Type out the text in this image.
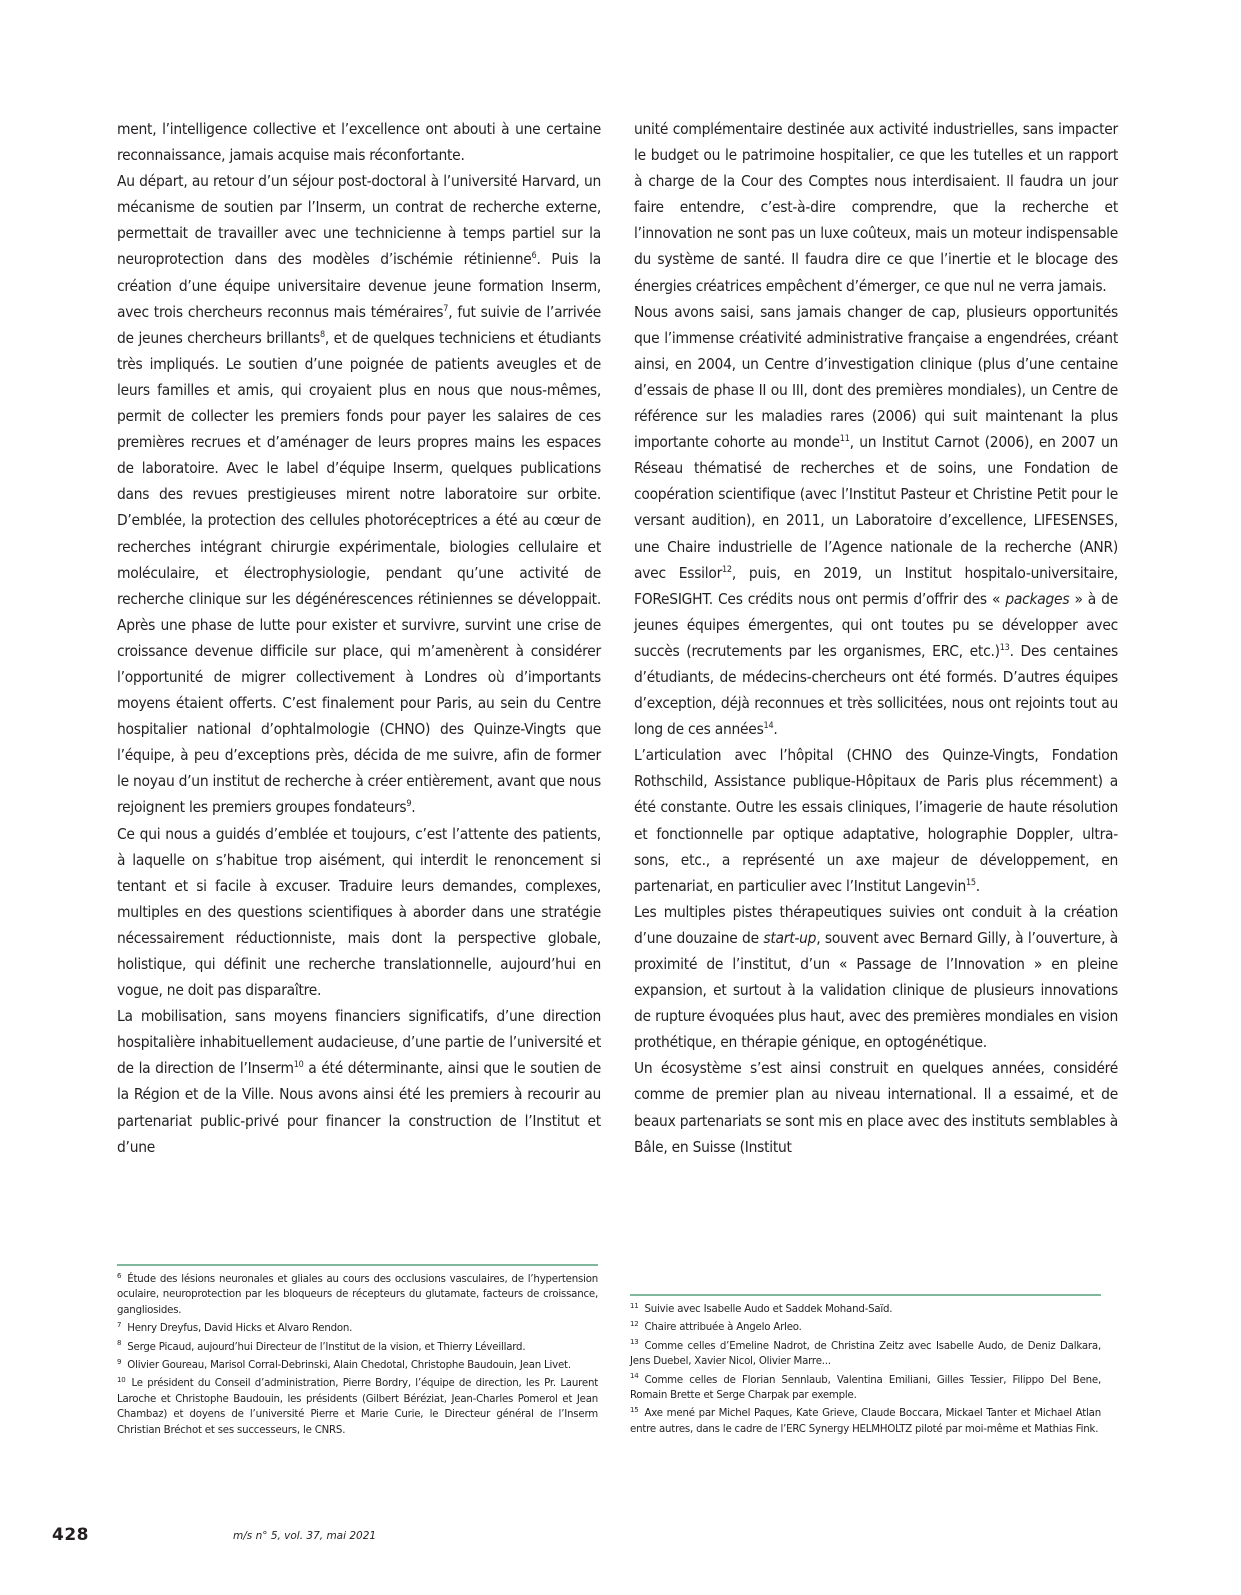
ment, l’intelligence collective et l’excellence ont abouti à une certaine reconnaissance, jamais acquise mais réconfortante.

Au départ, au retour d’un séjour post-doctoral à l’université Harvard, un mécanisme de soutien par l’Inserm, un contrat de recherche externe, permettait de travailler avec une technicienne à temps partiel sur la neuroprotection dans des modèles d’ischémie rétinienne$^6$. Puis la création d’une équipe universitaire devenue jeune formation Inserm, avec trois chercheurs reconnus mais téméraires$^7$, fut suivie de l’arrivée de jeunes chercheurs brillants$^8$, et de quelques techniciens et étudiants très impliqués. Le soutien d’une poignée de patients aveugles et de leurs familles et amis, qui croyaient plus en nous que nous-mêmes, permit de collecter les premiers fonds pour payer les salaires de ces premières recrues et d’aménager de leurs propres mains les espaces de laboratoire. Avec le label d’équipe Inserm, quelques publications dans des revues prestigieuses mirent notre laboratoire sur orbite. D’emblée, la protection des cellules photoréceptrices a été au cœur de recherches intégrant chirurgie expérimentale, biologies cellulaire et moléculaire, et électrophysiologie, pendant qu’une activité de recherche clinique sur les dégénérescences rétiniennes se développait. Après une phase de lutte pour exister et survivre, survint une crise de croissance devenue difficile sur place, qui m’amenèrent à considérer l’opportunité de migrer collectivement à Londres où d’importants moyens étaient offerts. C’est finalement pour Paris, au sein du Centre hospitalier national d’ophtalmologie (CHNO) des Quinze-Vingts que l’équipe, à peu d’exceptions près, décida de me suivre, afin de former le noyau d’un institut de recherche à créer entièrement, avant que nous rejoignent les premiers groupes fondateurs$^9$.

Ce qui nous a guidés d’emblée et toujours, c’est l’attente des patients, à laquelle on s’habitue trop aisément, qui interdit le renoncement si tentant et si facile à excuser. Traduire leurs demandes, complexes, multiples en des questions scientifiques à aborder dans une stratégie nécessairement réductionniste, mais dont la perspective globale, holistique, qui définit une recherche translationnelle, aujourd’hui en vogue, ne doit pas disparaître.

La mobilisation, sans moyens financiers significatifs, d’une direction hospitalière inhabituellement audacieuse, d’une partie de l’université et de la direction de l’Inserm$^{10}$ a été déterminante, ainsi que le soutien de la Région et de la Ville. Nous avons ainsi été les premiers à recourir au partenariat public-privé pour financer la construction de l’Institut et d’une

unité complémentaire destinée aux activité industrielles, sans impacter le budget ou le patrimoine hospitalier, ce que les tutelles et un rapport à charge de la Cour des Comptes nous interdisaient. Il faudra un jour faire entendre, c’est-à-dire comprendre, que la recherche et l’innovation ne sont pas un luxe coûteux, mais un moteur indispensable du système de santé. Il faudra dire ce que l’inertie et le blocage des énergies créatrices empêchent d’émerger, ce que nul ne verra jamais.

Nous avons saisi, sans jamais changer de cap, plusieurs opportunités que l’immense créativité administrative française a engendrées, créant ainsi, en 2004, un Centre d’investigation clinique (plus d’une centaine d’essais de phase II ou III, dont des premières mondiales), un Centre de référence sur les maladies rares (2006) qui suit maintenant la plus importante cohorte au monde$^{11}$, un Institut Carnot (2006), en 2007 un Réseau thématisé de recherches et de soins, une Fondation de coopération scientifique (avec l’Institut Pasteur et Christine Petit pour le versant audition), en 2011, un Laboratoire d’excellence, LIFESENSES, une Chaire industrielle de l’Agence nationale de la recherche (ANR) avec Essilor$^{12}$, puis, en 2019, un Institut hospitalo-universitaire, FOReSIGHT. Ces crédits nous ont permis d’offrir des « packages » à de jeunes équipes émergentes, qui ont toutes pu se développer avec succès (recrutements par les organismes, ERC, etc.)$^{13}$. Des centaines d’étudiants, de médecins-chercheurs ont été formés. D’autres équipes d’exception, déjà reconnues et très sollicitées, nous ont rejoints tout au long de ces années$^{14}$.

L’articulation avec l’hôpital (CHNO des Quinze-Vingts, Fondation Rothschild, Assistance publique-Hôpitaux de Paris plus récemment) a été constante. Outre les essais cliniques, l’imagerie de haute résolution et fonctionnelle par optique adaptative, holographie Doppler, ultra-sons, etc., a représenté un axe majeur de développement, en partenariat, en particulier avec l’Institut Langevin$^{15}$.

Les multiples pistes thérapeutiques suivies ont conduit à la création d’une douzaine de start-up, souvent avec Bernard Gilly, à l’ouverture, à proximité de l’institut, d’un « Passage de l’Innovation » en pleine expansion, et surtout à la validation clinique de plusieurs innovations de rupture évoquées plus haut, avec des premières mondiales en vision prothétique, en thérapie génique, en optogénétique.

Un écosystème s’est ainsi construit en quelques années, considéré comme de premier plan au niveau international. Il a essaimé, et de beaux partenariats se sont mis en place avec des instituts semblables à Bâle, en Suisse (Institut

$^6$ Étude des lésions neuronales et gliales au cours des occlusions vasculaires, de l’hypertension oculaire, neuroprotection par les bloqueurs de récepteurs du glutamate, facteurs de croissance, gangliosides.

$^7$ Henry Dreyfus, David Hicks et Alvaro Rendon.

$^8$ Serge Picaud, aujourd’hui Directeur de l’Institut de la vision, et Thierry Léveillard.

$^9$ Olivier Goureau, Marisol Corral-Debrinski, Alain Chedotal, Christophe Baudouin, Jean Livet.

$^{10}$ Le président du Conseil d’administration, Pierre Bordry, l’équipe de direction, les Pr. Laurent Laroche et Christophe Baudouin, les présidents (Gilbert Béréziat, Jean-Charles Pomerol et Jean Chambaz) et doyens de l’université Pierre et Marie Curie, le Directeur général de l’Inserm Christian Bréchot et ses successeurs, le CNRS.

$^{11}$ Suivie avec Isabelle Audo et Saddek Mohand-Saïd.

$^{12}$ Chaire attribuée à Angelo Arleo.

$^{13}$ Comme celles d’Emeline Nadrot, de Christina Zeitz avec Isabelle Audo, de Deniz Dalkara, Jens Duebel, Xavier Nicol, Olivier Marre...

$^{14}$ Comme celles de Florian Sennlaub, Valentina Emiliani, Gilles Tessier, Filippo Del Bene, Romain Brette et Serge Charpak par exemple.

$^{15}$ Axe mené par Michel Paques, Kate Grieve, Claude Boccara, Mickael Tanter et Michael Atlan entre autres, dans le cadre de l’ERC Synergy HELMHOLTZ piloté par moi-même et Mathias Fink.

428	m/s n° 5, vol. 37, mai 2021
